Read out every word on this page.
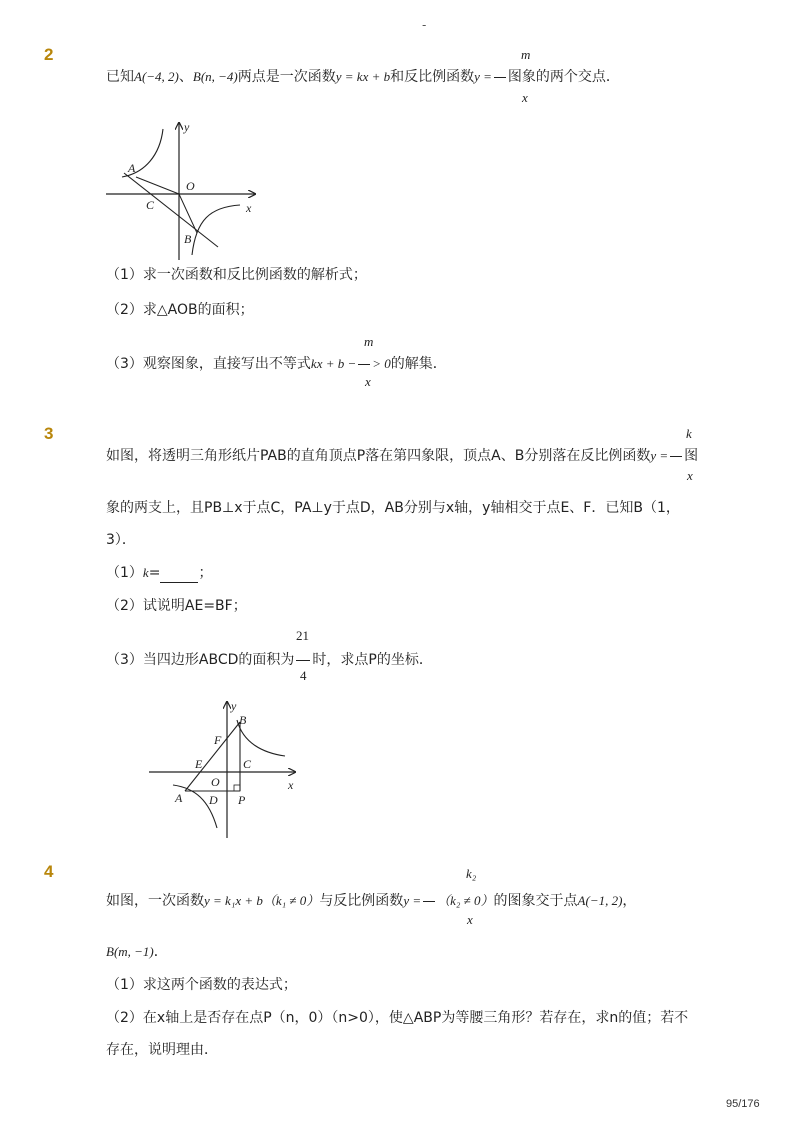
-
2	m
已知A(−4, 2)、B(n, −4)两点是一次函数y = kx + b和反比例函数y = 图象的两个交点．
x
y
x
O
A
C
B
（1）求一次函数和反比例函数的解析式；
（2）求△AOB的面积；
m
（3）观察图象，直接写出不等式kx + b − > 0的解集．
x
3	k
如图，将透明三角形纸片PAB的直角顶点P落在第四象限，顶点A、B分别落在反比例函数y = 图
x
象的两支上，且PB⊥x于点C，PA⊥y于点D，AB分别与x轴，y轴相交于点E、F．已知B（1，
3）．
（1）k=	；
（2）试说明AE=BF；
21
（3）当四边形ABCD的面积为 时，求点P的坐标．
4
y
x
B
F
E	C
O
P
D
A
4	k₂
如图，一次函数y = k₁x + b（k₁ ≠ 0）与反比例函数y = （k₂ ≠ 0）的图象交于点A(−1, 2)，
x
B(m, −1)．
（1）求这两个函数的表达式；
（2）在x轴上是否存在点P（n，0）（n>0），使△ABP为等腰三角形？若存在，求n的值；若不
存在，说明理由．
95/176
